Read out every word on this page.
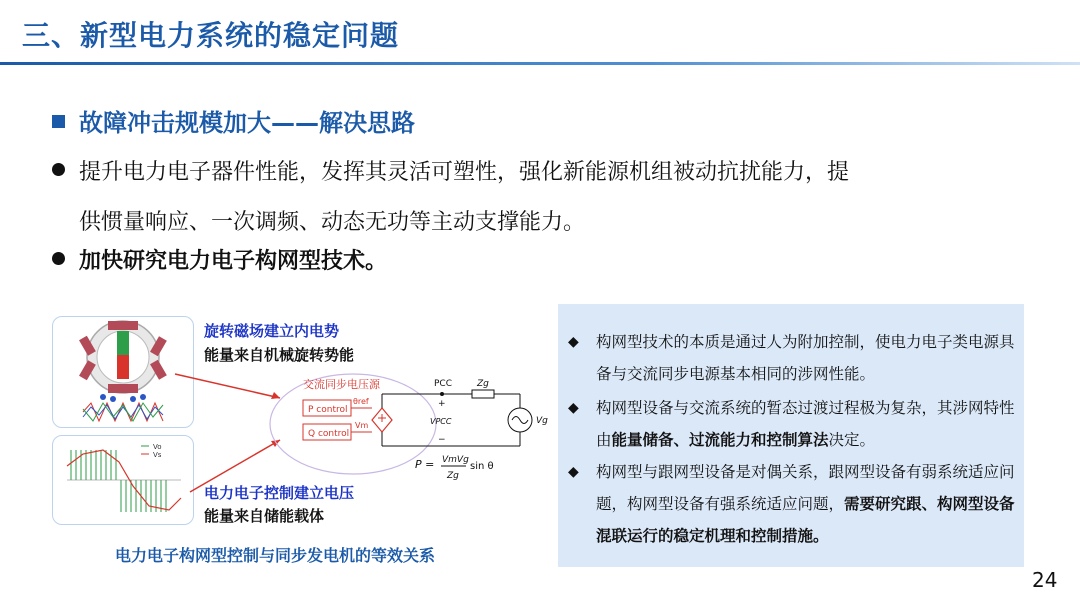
三、新型电力系统的稳定问题
故障冲击规模加大——解决思路
提升电力电子器件性能，发挥其灵活可塑性，强化新能源机组被动抗扰能力，提
供惯量响应、一次调频、动态无功等主动支撑能力。
加快研究电力电子构网型技术。
旋转磁场建立内电势
能量来自机械旋转势能
Vo
Vs
电力电子控制建立电压
能量来自储能载体
交流同步电压源
P control
Q control
θref
Vm
PCC	Zg
+
−
VPCC	Vg
P = VmVg
Zg
sin θ
电力电子构网型控制与同步发电机的等效关系
◆	构网型技术的本质是通过人为附加控制，使电力电子类电源具备与交流同步电源基本相同的涉网性能。
◆	构网型设备与交流系统的暂态过渡过程极为复杂，其涉网特性由能量储备、过流能力和控制算法决定。
◆	构网型与跟网型设备是对偶关系，跟网型设备有弱系统适应问题，构网型设备有强系统适应问题，需要研究跟、构网型设备混联运行的稳定机理和控制措施。
24
